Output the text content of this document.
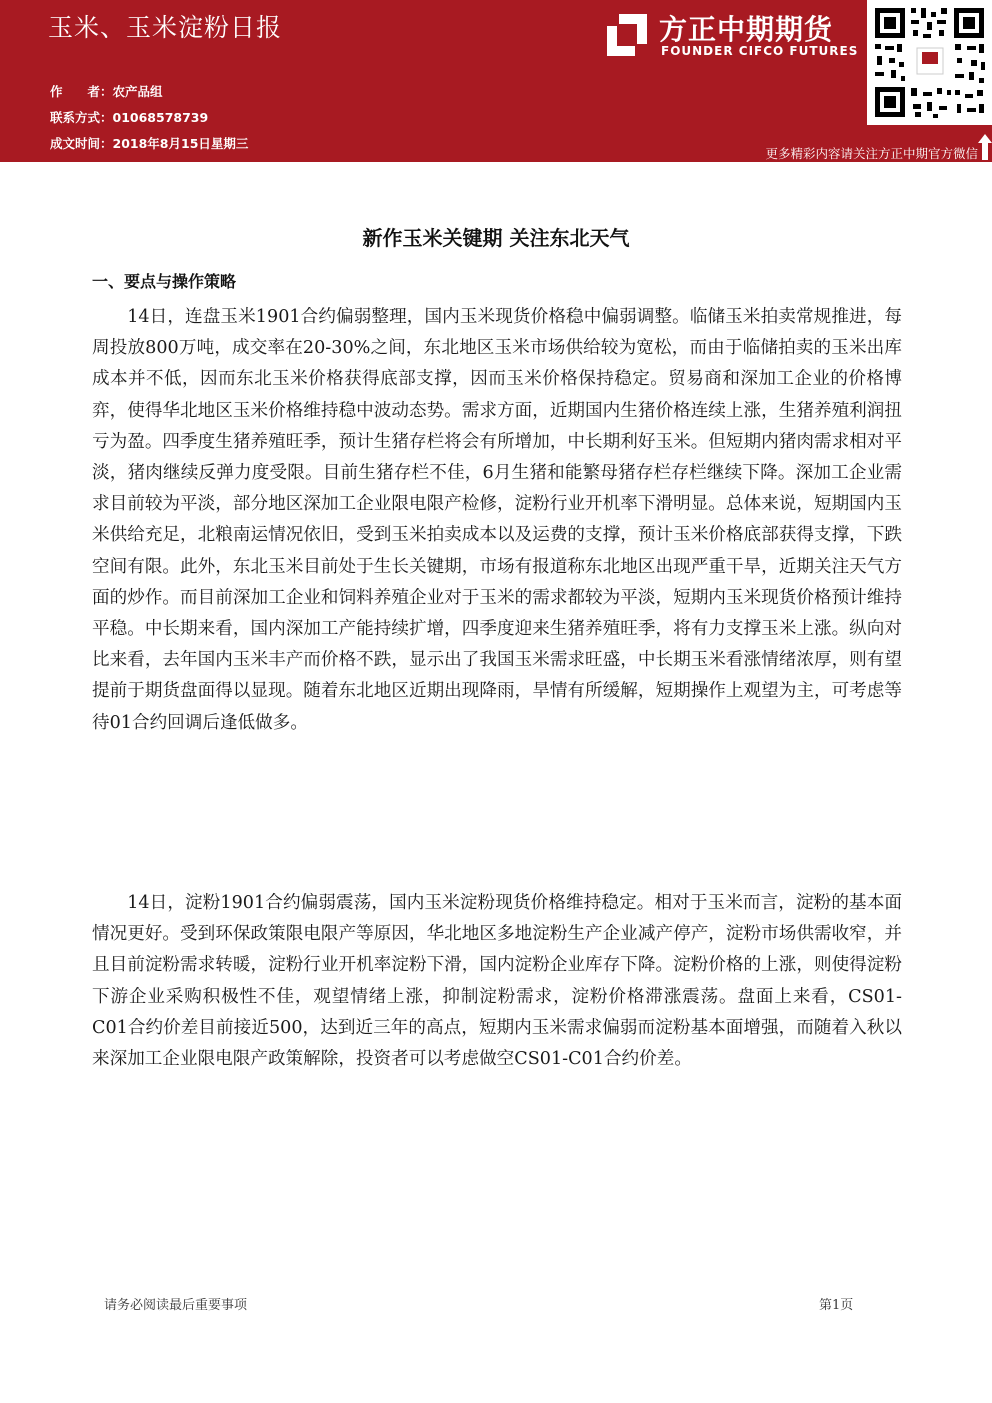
玉米、玉米淀粉日报
作　　者：农产品组
联系方式：01068578739
成文时间：2018年8月15日星期三
方正中期期货
FOUNDER CIFCO FUTURES
更多精彩内容请关注方正中期官方微信
新作玉米关键期 关注东北天气
一、要点与操作策略

14日，连盘玉米1901合约偏弱整理，国内玉米现货价格稳中偏弱调整。临储玉米拍卖常规推进，每周投放800万吨，成交率在20-30%之间，东北地区玉米市场供给较为宽松，而由于临储拍卖的玉米出库成本并不低，因而东北玉米价格获得底部支撑，因而玉米价格保持稳定。贸易商和深加工企业的价格博弈，使得华北地区玉米价格维持稳中波动态势。需求方面，近期国内生猪价格连续上涨，生猪养殖利润扭亏为盈。四季度生猪养殖旺季，预计生猪存栏将会有所增加，中长期利好玉米。但短期内猪肉需求相对平淡，猪肉继续反弹力度受限。目前生猪存栏不佳，6月生猪和能繁母猪存栏存栏继续下降。深加工企业需求目前较为平淡，部分地区深加工企业限电限产检修，淀粉行业开机率下滑明显。总体来说，短期国内玉米供给充足，北粮南运情况依旧，受到玉米拍卖成本以及运费的支撑，预计玉米价格底部获得支撑，下跌空间有限。此外，东北玉米目前处于生长关键期，市场有报道称东北地区出现严重干旱，近期关注天气方面的炒作。而目前深加工企业和饲料养殖企业对于玉米的需求都较为平淡，短期内玉米现货价格预计维持平稳。中长期来看，国内深加工产能持续扩增，四季度迎来生猪养殖旺季，将有力支撑玉米上涨。纵向对比来看，去年国内玉米丰产而价格不跌，显示出了我国玉米需求旺盛，中长期玉米看涨情绪浓厚，则有望提前于期货盘面得以显现。随着东北地区近期出现降雨，旱情有所缓解，短期操作上观望为主，可考虑等待01合约回调后逢低做多。

14日，淀粉1901合约偏弱震荡，国内玉米淀粉现货价格维持稳定。相对于玉米而言，淀粉的基本面情况更好。受到环保政策限电限产等原因，华北地区多地淀粉生产企业减产停产，淀粉市场供需收窄，并且目前淀粉需求转暖，淀粉行业开机率淀粉下滑，国内淀粉企业库存下降。淀粉价格的上涨，则使得淀粉下游企业采购积极性不佳，观望情绪上涨，抑制淀粉需求，淀粉价格滞涨震荡。盘面上来看，CS01-C01合约价差目前接近500，达到近三年的高点，短期内玉米需求偏弱而淀粉基本面增强，而随着入秋以来深加工企业限电限产政策解除，投资者可以考虑做空CS01-C01合约价差。

请务必阅读最后重要事项	第1页
